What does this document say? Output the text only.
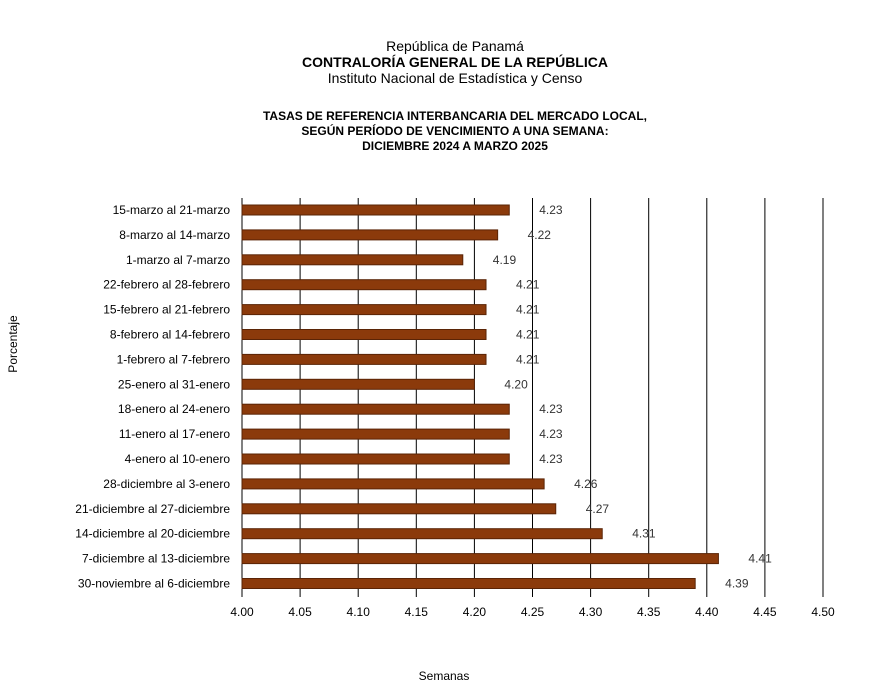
República de Panamá
CONTRALORÍA GENERAL DE LA REPÚBLICA
Instituto Nacional de Estadística y Censo
TASAS DE REFERENCIA INTERBANCARIA DEL MERCADO LOCAL,
SEGÚN PERÍODO DE VENCIMIENTO A UNA SEMANA:
DICIEMBRE 2024 A MARZO 2025
15-marzo al 21-marzo	4.23
8-marzo al 14-marzo	4.22
1-marzo al 7-marzo	4.19
22-febrero al 28-febrero	4.21
15-febrero al 21-febrero	4.21
8-febrero al 14-febrero	4.21
1-febrero al 7-febrero	4.21
25-enero al 31-enero	4.20
18-enero al 24-enero	4.23
11-enero al 17-enero	4.23
4-enero al 10-enero	4.23
28-diciembre al 3-enero	4.26
21-diciembre al 27-diciembre	4.27
14-diciembre al 20-diciembre	4.31
7-diciembre al 13-diciembre	4.41
30-noviembre al 6-diciembre	4.39
4.00	4.05	4.10	4.15	4.20	4.25	4.30	4.35	4.40	4.45	4.50
Semanas
Porcentaje
